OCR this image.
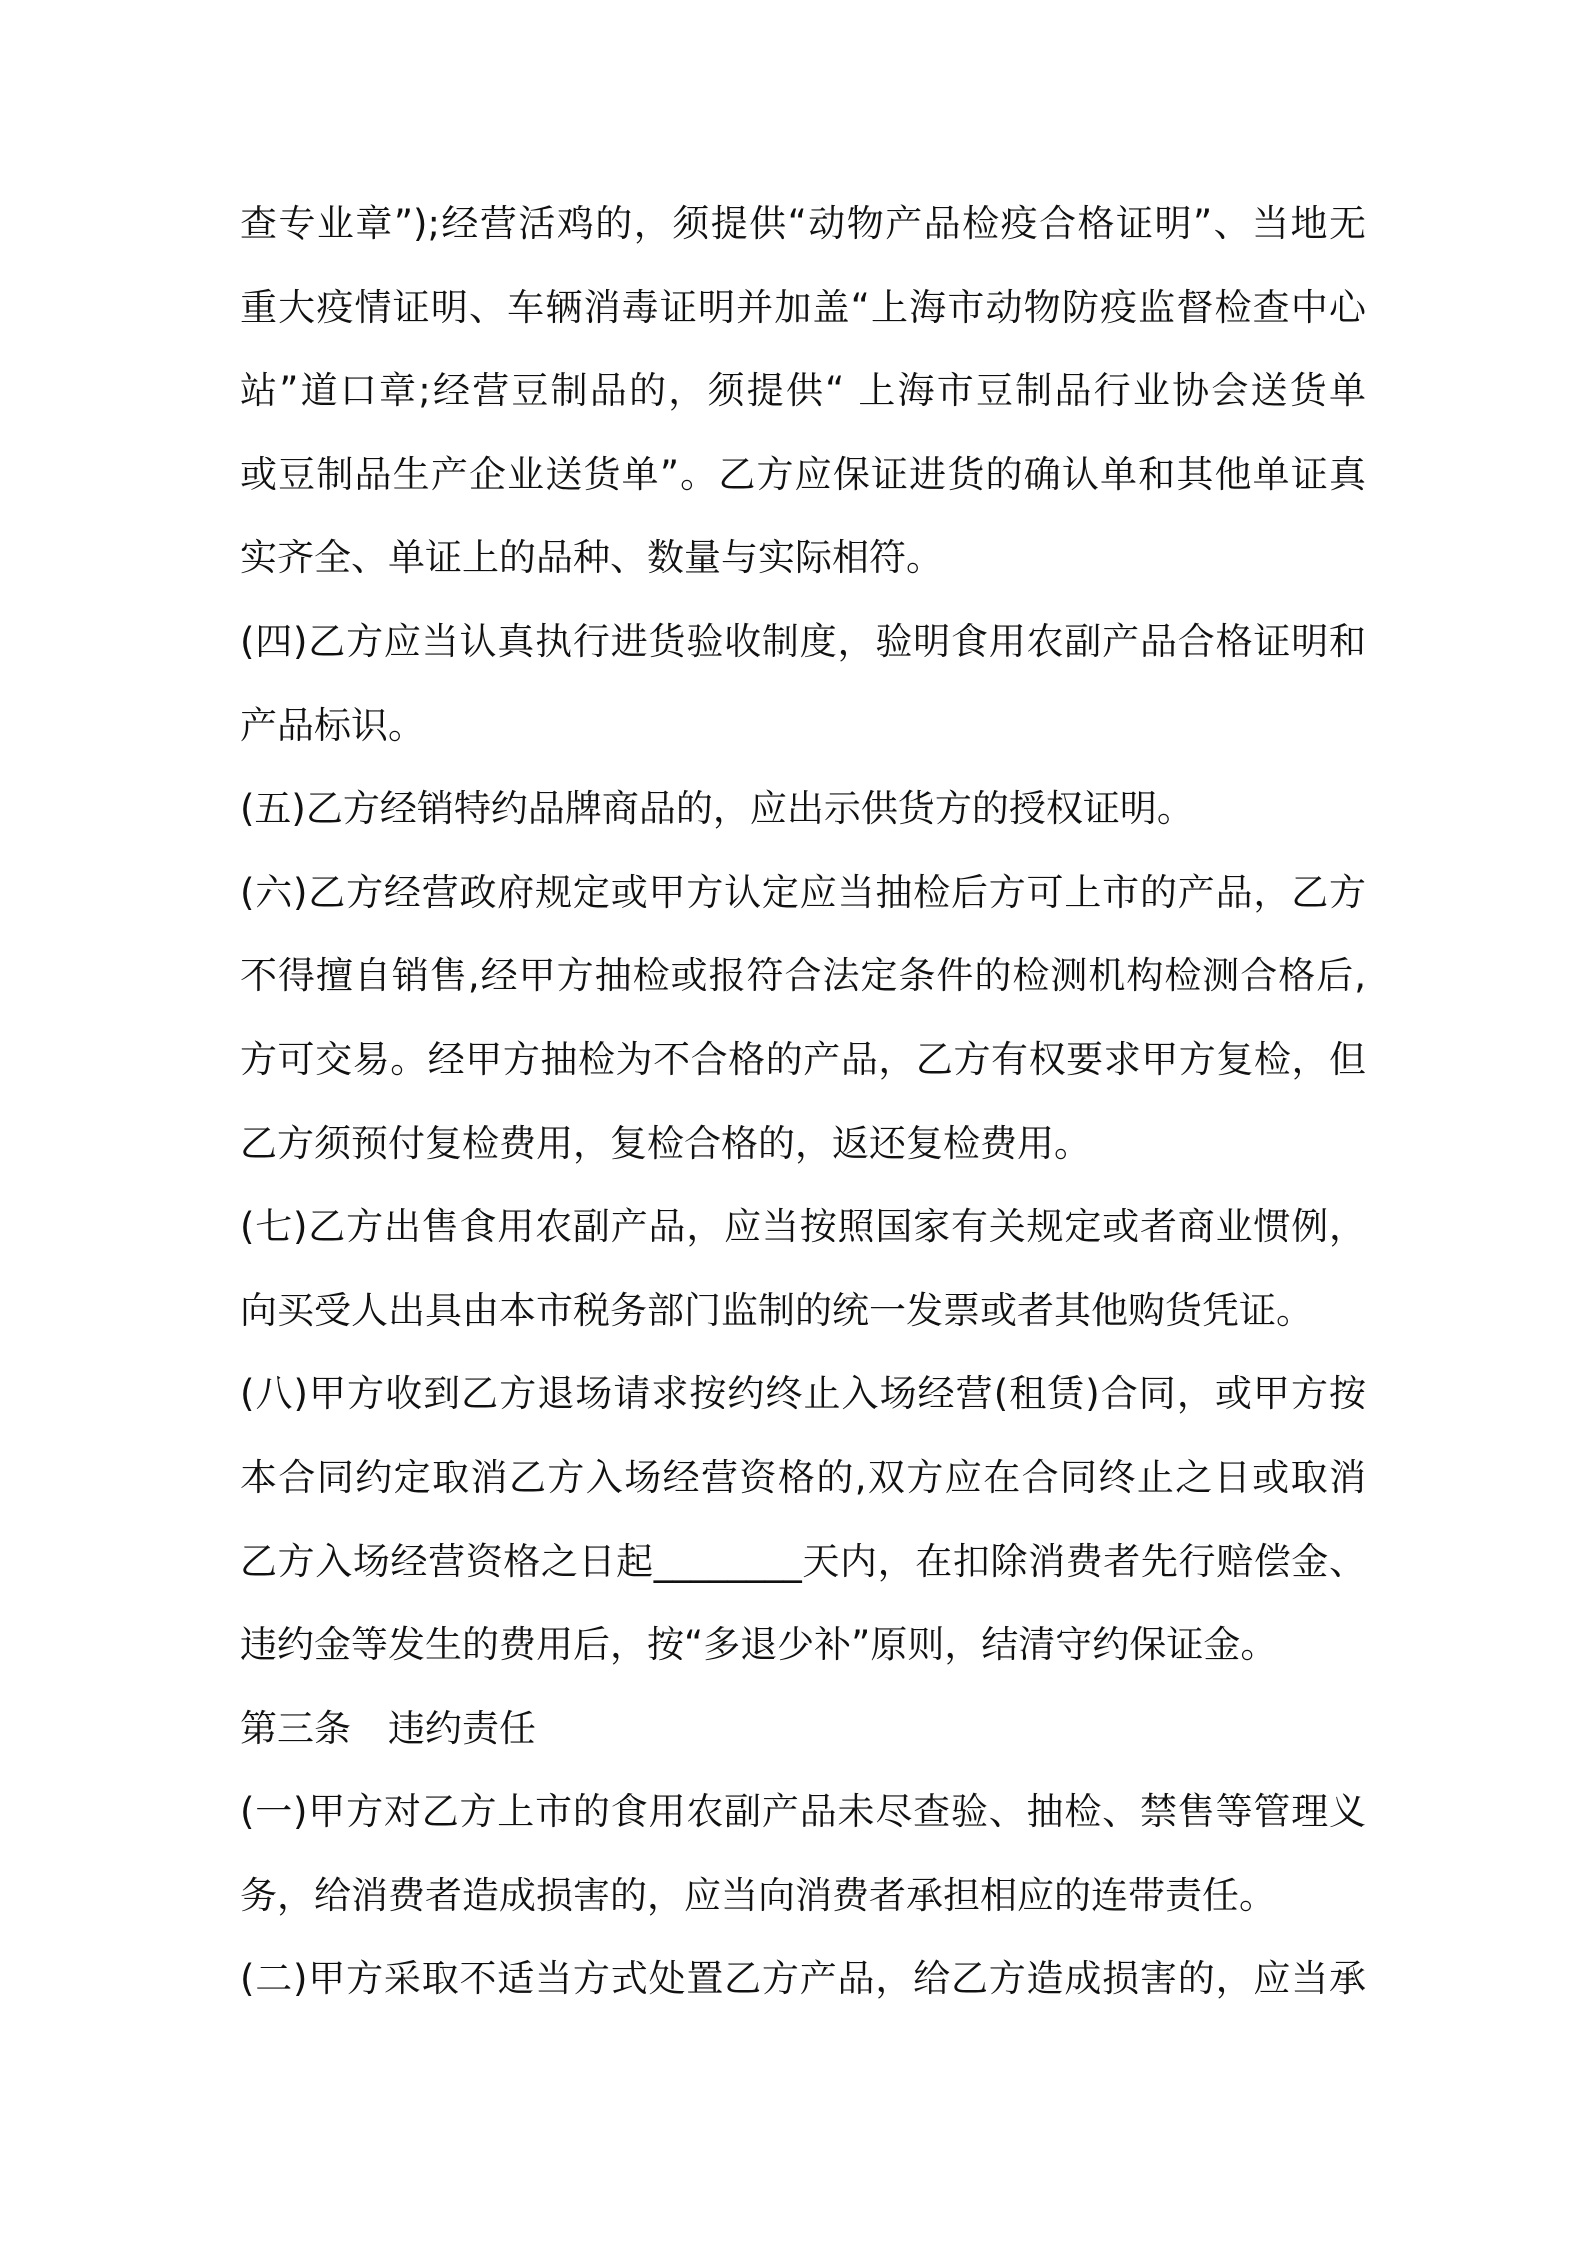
查专业章”);经营活鸡的，须提供“动物产品检疫合格证明”、当地无
重大疫情证明、车辆消毒证明并加盖“上海市动物防疫监督检查中心
站”道口章;经营豆制品的，须提供“ 上海市豆制品行业协会送货单
或豆制品生产企业送货单”。乙方应保证进货的确认单和其他单证真
实齐全、单证上的品种、数量与实际相符。
(四)乙方应当认真执行进货验收制度，验明食用农副产品合格证明和
产品标识。
(五)乙方经销特约品牌商品的，应出示供货方的授权证明。
(六)乙方经营政府规定或甲方认定应当抽检后方可上市的产品，乙方
不得擅自销售,经甲方抽检或报符合法定条件的检测机构检测合格后,
方可交易。经甲方抽检为不合格的产品，乙方有权要求甲方复检，但
乙方须预付复检费用，复检合格的，返还复检费用。
(七)乙方出售食用农副产品，应当按照国家有关规定或者商业惯例，
向买受人出具由本市税务部门监制的统一发票或者其他购货凭证。
(八)甲方收到乙方退场请求按约终止入场经营(租赁)合同，或甲方按
本合同约定取消乙方入场经营资格的,双方应在合同终止之日或取消
乙方入场经营资格之日起________天内，在扣除消费者先行赔偿金、
违约金等发生的费用后，按“多退少补”原则，结清守约保证金。
第三条　违约责任
(一)甲方对乙方上市的食用农副产品未尽查验、抽检、禁售等管理义
务，给消费者造成损害的，应当向消费者承担相应的连带责任。
(二)甲方采取不适当方式处置乙方产品，给乙方造成损害的，应当承
